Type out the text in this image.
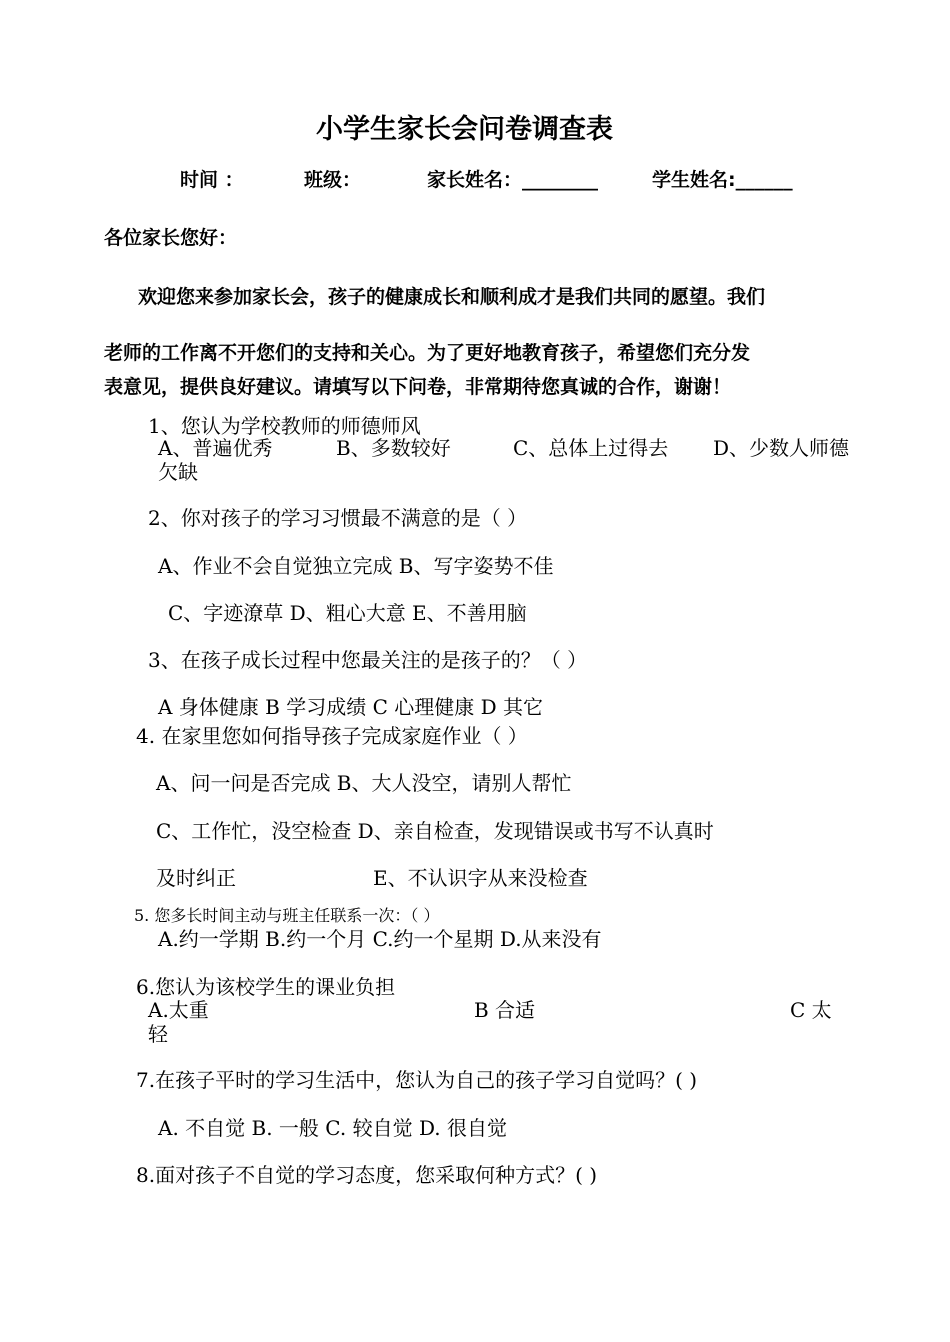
小学生家长会问卷调查表
时间 ：	班级：	家长姓名：________	学生姓名:______
各位家长您好：
欢迎您来参加家长会，孩子的健康成长和顺利成才是我们共同的愿望。我们
老师的工作离不开您们的支持和关心。为了更好地教育孩子，希望您们充分发
表意见，提供良好建议。请填写以下问卷，非常期待您真诚的合作，谢谢！
1、您认为学校教师的师德师风
A、普遍优秀	B、多数较好	C、总体上过得去 D、少数人师德
欠缺
2、你对孩子的学习习惯最不满意的是（ ）
A、作业不会自觉独立完成 B、写字姿势不佳
C、字迹潦草 D、粗心大意 E、不善用脑
3、在孩子成长过程中您最关注的是孩子的？（ ）
A 身体健康 B 学习成绩 C 心理健康 D 其它
4. 在家里您如何指导孩子完成家庭作业（ ）
A、问一问是否完成 B、大人没空，请别人帮忙
C、工作忙，没空检查 D、亲自检查，发现错误或书写不认真时
及时纠正	E、不认识字从来没检查
5. 您多长时间主动与班主任联系一次：（ ）
A.约一学期 B.约一个月 C.约一个星期 D.从来没有
6.您认为该校学生的课业负担
A.太重	B 合适	C 太
轻
7.在孩子平时的学习生活中，您认为自己的孩子学习自觉吗？( )
A. 不自觉 B. 一般 C. 较自觉 D. 很自觉
8.面对孩子不自觉的学习态度，您采取何种方式？( )
